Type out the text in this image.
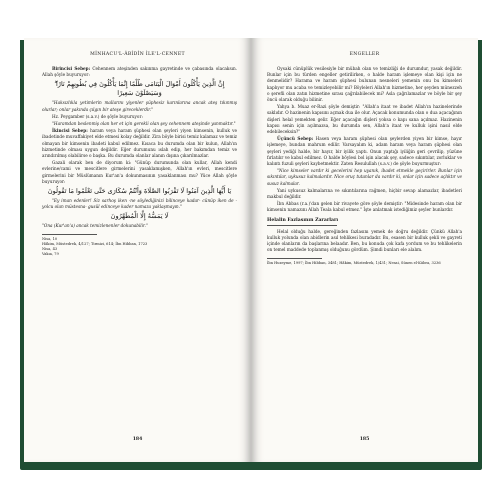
MİNHACU'L-ÂBİDÎN İLE'L-CENNET

Birincisi Sebep: Cehennem ateşinden sakınma gayretinde ve çabasında olacaksın. Allah şöyle buyuruyor:

إِنَّ الَّذِينَ يَأْكُلُونَ أَمْوَالَ الْيَتَامَى ظُلْمًا إِنَّمَا يَأْكُلُونَ فِي بُطُونِهِمْ نَارًا ۖ وَسَيَصْلَوْنَ سَعِيرًا

"Haksızlıkla yetimlerin mallarını yiyenler şüphesiz karınlarına ancak ateş tıkınmış olurlar; onlar yakında çılgın bir ateşe gireceklerdir."

Hz. Peygamber (s.a.v.) de şöyle buyuruyor:

"Haramdan beslenmiş olan her et için gerekli olan şey cehennem ateşinde yanmaktır."

İkincisi Sebep: haram veya haram şüphesi olan şeyleri yiyen kimsenin, kulluk ve ibadetinde muvaffakiyet elde etmesi kolay değildir. Zira böyle birisi temiz kalamaz ve temiz olmayan bir kimsenin ibadeti kabul edilmez. Kısaca bu durumda olan bir kulun, Allah'ın hizmetinde olması uygun değildir. Eğer durumunu ıslah edip, her bakımdan temiz ve arındırılmış olabilirse o başka. Bu durumda olanlar alanın dışına çıkarılmazlar.

Gazali olarak ben de diyorum ki: "Günüp durumunda olan kullar, Allah kendi evlerine/cami ve mescitlere girmelerini yasaklamışken, Allah'ın evleri, mescitlere girmelerini bir Müslümanın Kur'an'a dokunmasının yasaklanması mu? Yüce Allah şöyle buyuruyor:

يَا أَيُّهَا الَّذِينَ آمَنُوا لَا تَقْرَبُوا الصَّلَاةَ وَأَنْتُمْ سُكَارَى حَتَّى تَعْلَمُوا مَا تَقُولُونَ

"Ey iman edenler! Siz sarhoş iken -ne söylediğinizi bilinceye kadar- cünüp iken de -yolcu olan müstesna- gusül edinceye kader namaza yaklaşmayın."

لَا يَمَسُّهُ إِلَّا الْمُطَهَّرُونَ

"Ona (Kur'an'a) ancak temizlenenler dokunabilir."

Nisa, 10

Hâkim, Müstedrek, 4/127; Tirmizi, 614; İbn Hibban, 1723

Nisa, 43

Vakıa, 79

184
ENGELLER

Oysaki cünüplük vesilesiyle bir mübah olan ve temizliği de durumdur, yasak değildir. Bunlar için bu türden engeller getirilirken, o halde haram işlemeye olan kişi için ne denmelidir? Harama ve haram şüphesi bulunan nesneleri yemenin onu bu kimseleri kaplıyor mu acaba ve temizleyebilir mi? Böyleleri Allah'ın hizmetine, her şeyden münezzeh o şerefli olan zatın hizmetine sırası çağrılabilecek mi? Asla çağrılamazlar ve böyle bir şey öncü olarak olduğu bilinir.

Yahya b. Muaz er-Razi şöyle demiştir: "Allah'a itaat ve ibadet Allah'ın hazinelerinde saklıdır. O hazinenin kapısını açmak dua ile olur. Açacak konumunda olan o dua açacağının dişleri helal yemekten gelir. Eğer açacağın dişleri yoksa o kapı sana açılmaz. Hazinenin kapısı senin için açılmazsa, bu durumda sen, Allah'a itaat ve kulluk işini nasıl elde edebileceksin?"

Üçüncü Sebep: Hasen veya haram şüphesi olan şeylerden yiyen bir kimse, hayır işlemeye, bundan mahrum edilir. Varsayalım ki, adam haram veya haram şüphesi olan şeyleri yediği halde, bir hayır, bir iyilik yaptı. Onun yaptığı iyiliğin geri çevrilip, yüzüne fırlatılır ve kabul edilmez. O halde böylesi bol işin alacak şey, sadece sıkıntılar, zorluklar ve kalıntı fuzuli şeyleri kaybetmektir. Zaten Resulullah (s.a.v.) de şöyle buyurmuştur:

"Nice kimseler vardır ki gecelerini hep uyanık, ibadet etmekle geçirirler. Bunlar için sıkıntılar, uykusuz kalmalardır. Nice oruç tutanlar da vardır ki, onlar için sadece açlıktır ve susuz kalmalar.

Yani uykusuz kalmalarına ve sıkıntılarına rağmen, hiçbir sevap alamazlar, ibadetleri makbul değildir.

İbn Abbas (r.a.)'dan gelen bir rivayete göre şöyle demiştir: "Midesinde haram olan bir kimsenin namazını Allah Teala kabul etmez." İşte anlatmak istediğimiz şeyler bunlardır.

Helalin Fazlasının Zararları

Helal olduğu halde, gereğinden fazlasını yemek de doğru değildir. Çünkü Allah'a kulluk yolunda olan abidlerin asıl tehlikesi buradadır. Bu, esasen bir kulluk şekli ve gayreti içinde olanların da başlarına belaadır. Ben, bu konuda çok kafa yordum ve bu tehlikelerin on temel maddede toplanmış olduğunu gördüm. Şimdi bunları ele alalım.

İbn Huzeyme, 1997; İbn Hibban, 3481; Hâkim, Müstedrek, 1/431; Nesai, Sünen el-Kübra, 3236

185
